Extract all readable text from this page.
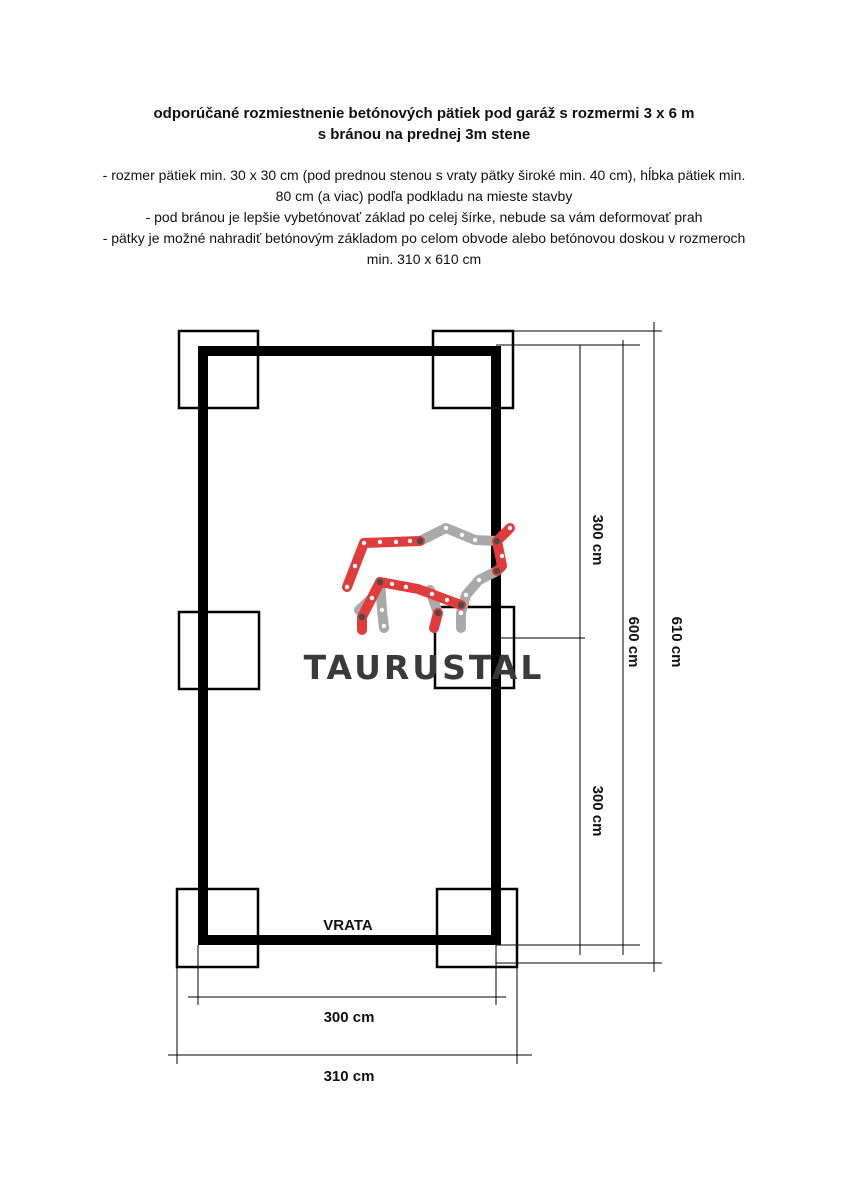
odporúčané rozmiestnenie betónových pätiek pod garáž s rozmermi 3 x 6 m
s bránou na prednej 3m stene

- rozmer pätiek min. 30 x 30 cm (pod prednou stenou s vraty pätky široké min. 40 cm), hĺbka pätiek min. 80 cm (a viac) podľa podkladu na mieste stavby

- pod bránou je lepšie vybetónovať základ po celej šírke, nebude sa vám deformovať prah

- pätky je možné nahradiť betónovým základom po celom obvode alebo betónovou doskou v rozmeroch min. 310 x 610 cm

VRATA
300 cm
310 cm
300 cm
300 cm
600 cm 610 cm
TAURUSTAL
